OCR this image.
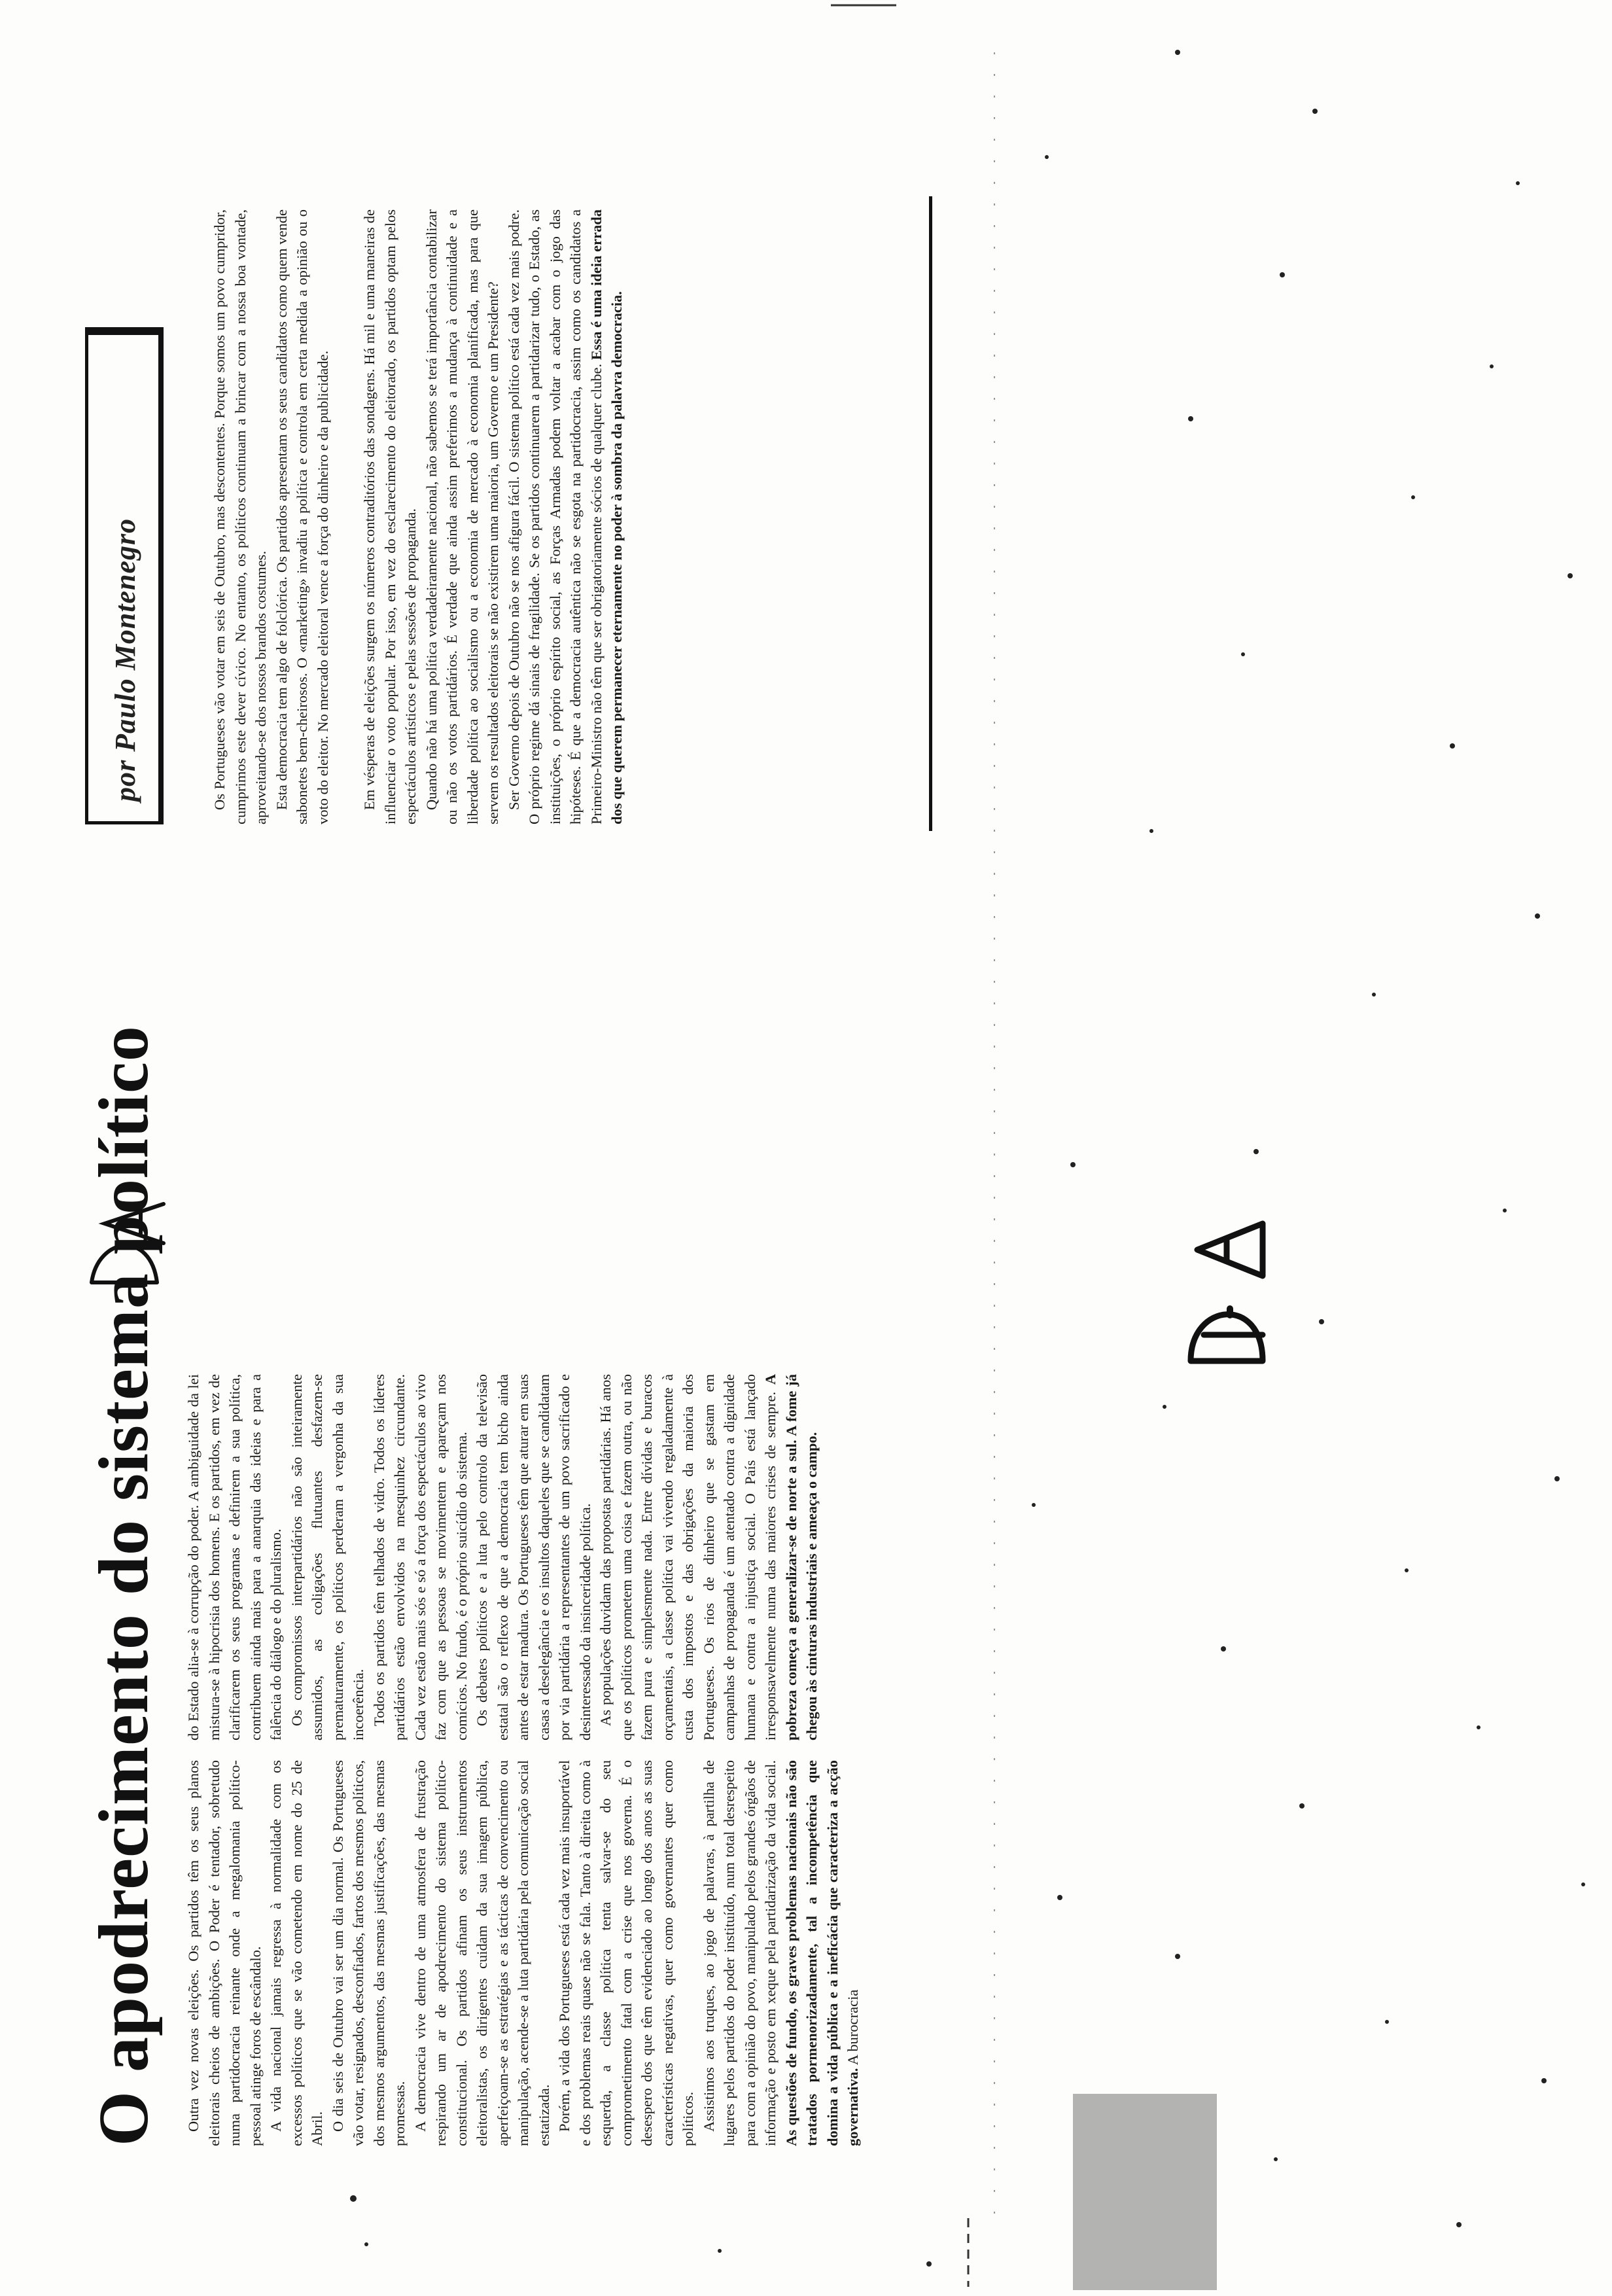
O apodrecimento do sistema político Outra vez novas eleições. Os partidos têm os seus planos eleitorais cheios de ambições. O Poder é tentador, sobretudo numa partidocracia reinante onde a megalomania político-pessoal atinge foros de escândalo. A vida nacional jamais regressa à normalidade com os excessos políticos que se vão cometendo em nome do 25 de Abril. O dia seis de Outubro vai ser um dia normal. Os Portugueses vão votar, resignados, desconfiados, fartos dos mesmos políticos, dos mesmos argumentos, das mesmas justificações, das mesmas promessas. A democracia vive dentro de uma atmosfera de frustração respirando um ar de apodrecimento do sistema político-constitucional. Os partidos afinam os seus instrumentos eleitoralistas, os dirigentes cuidam da sua imagem pública, aperfeiçoam-se as estratégias e as tácticas de convencimento ou manipulação, acende-se a luta partidária pela comunicação social estatizada. Porém, a vida dos Portugueses está cada vez mais insuportável e dos problemas reais quase não se fala. Tanto à direita como à esquerda, a classe política tenta salvar-se do seu comprometimento fatal com a crise que nos governa. É o desespero dos que têm evidenciado ao longo dos anos as suas características negativas, quer como governantes quer como políticos. Assistimos aos truques, ao jogo de palavras, à partilha de lugares pelos partidos do poder instituído, num total desrespeito para com a opinião do povo, manipulado pelos grandes órgãos de informação e posto em xeque pela partidarização da vida social. As questões de fundo, os graves problemas nacionais não são tratados pormenorizadamente, tal a incompetência que domina a vida pública e a ineficácia que caracteriza a acção governativa. A burocracia

do Estado alia-se à corrupção do poder. A ambiguidade da lei mistura-se à hipocrisia dos homens. E os partidos, em vez de clarificarem os seus programas e definirem a sua política, contribuem ainda mais para a anarquia das ideias e para a falência do diálogo e do pluralismo. Os compromissos interpartidários não são inteiramente assumidos, as coligações flutuantes desfazem-se prematuramente, os políticos perderam a vergonha da sua incoerência. Todos os partidos têm telhados de vidro. Todos os líderes partidários estão envolvidos na mesquinhez circundante. Cada vez estão mais sós e só a força dos espectáculos ao vivo faz com que as pessoas se movimentem e apareçam nos comícios. No fundo, é o próprio suicídio do sistema. Os debates políticos e a luta pelo controlo da televisão estatal são o reflexo de que a democracia tem bicho ainda antes de estar madura. Os Portugueses têm que aturar em suas casas a deselegância e os insultos daqueles que se candidatam por via partidária a representantes de um povo sacrificado e desinteressado da insinceridade política. As populações duvidam das propostas partidárias. Há anos que os políticos prometem uma coisa e fazem outra, ou não fazem pura e simplesmente nada. Entre dívidas e buracos orçamentais, a classe política vai vivendo regaladamente à custa dos impostos e das obrigações da maioria dos Portugueses. Os rios de dinheiro que se gastam em campanhas de propaganda é um atentado contra a dignidade humana e contra a injustiça social. O País está lançado irresponsavelmente numa das maiores crises de sempre. A pobreza começa a generalizar-se de norte a sul. A fome já chegou às cinturas industriais e ameaça o campo.

por Paulo Montenegro	Os Portugueses vão votar em seis de Outubro, mas descontentes. Porque somos um povo cumpridor, cumprimos este dever cívico. No entanto, os políticos continuam a brincar com a nossa boa vontade, aproveitando-se dos nossos brandos costumes. Esta democracia tem algo de folclórica. Os partidos apresentam os seus candidatos como quem vende sabonetes bem-cheirosos. O «marketing» invadiu a política e controla em certa medida a opinião ou o voto do eleitor. No mercado eleitoral vence a força do dinheiro e da publicidade. Em vésperas de eleições surgem os números contraditórios das sondagens. Há mil e uma maneiras de influenciar o voto popular. Por isso, em vez do esclarecimento do eleitorado, os partidos optam pelos espectáculos artísticos e pelas sessões de propaganda. Quando não há uma política verdadeiramente nacional, não sabemos se terá importância contabilizar ou não os votos partidários. É verdade que ainda assim preferimos a mudança à continuidade e a liberdade política ao socialismo ou a economia de mercado à economia planificada, mas para que servem os resultados eleitorais se não existirem uma maioria, um Governo e um Presidente? Ser Governo depois de Outubro não se nos afigura fácil. O sistema político está cada vez mais podre. O próprio regime dá sinais de fragilidade. Se os partidos continuarem a partidarizar tudo, o Estado, as instituições, o próprio espírito social, as Forças Armadas podem voltar a acabar com o jogo das hipóteses. É que a democracia autêntica não se esgota na partidocracia, assim como os candidatos a Primeiro-Ministro não têm que ser obrigatoriamente sócios de qualquer clube. Essa é uma ideia errada dos que querem permanecer eternamente no poder à sombra da palavra democracia.
